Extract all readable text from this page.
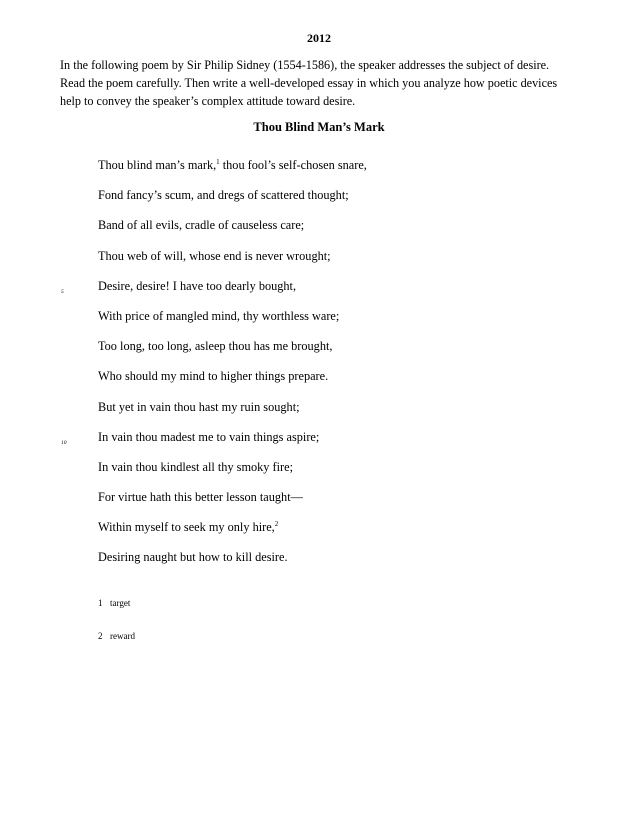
2012
In the following poem by Sir Philip Sidney (1554-1586), the speaker addresses the subject of desire.
Read the poem carefully. Then write a well-developed essay in which you analyze how poetic devices
help to convey the speaker’s complex attitude toward desire.
Thou Blind Man’s Mark
Thou blind man’s mark,$^1$ thou fool’s self-chosen snare,
Fond fancy’s scum, and dregs of scattered thought;
Band of all evils, cradle of causeless care;
Thou web of will, whose end is never wrought;
5	Desire, desire! I have too dearly bought,
With price of mangled mind, thy worthless ware;
Too long, too long, asleep thou has me brought,
Who should my mind to higher things prepare.
But yet in vain thou hast my ruin sought;
10	In vain thou madest me to vain things aspire;
In vain thou kindlest all thy smoky fire;
For virtue hath this better lesson taught—
Within myself to seek my only hire,$^2$
Desiring naught but how to kill desire.
1 target
2 reward
